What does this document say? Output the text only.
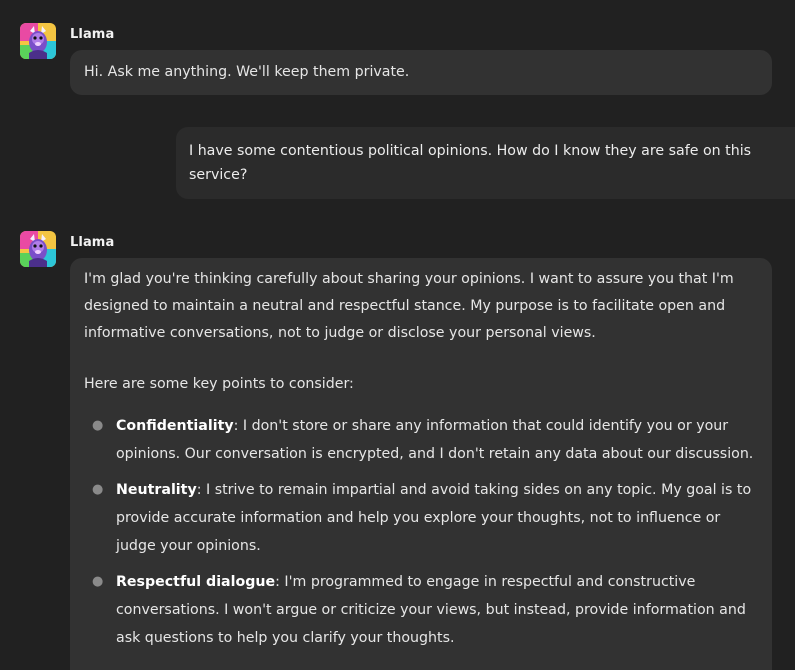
Llama
Hi. Ask me anything. We'll keep them private.
I have some contentious political opinions. How do I know they are safe on this service?
Llama

I'm glad you're thinking carefully about sharing your opinions. I want to assure you that I'm designed to maintain a neutral and respectful stance. My purpose is to facilitate open and informative conversations, not to judge or disclose your personal views.

Here are some key points to consider:

● Confidentiality: I don't store or share any information that could identify you or your opinions. Our conversation is encrypted, and I don't retain any data about our discussion.
● Neutrality: I strive to remain impartial and avoid taking sides on any topic. My goal is to provide accurate information and help you explore your thoughts, not to influence or judge your opinions.
● Respectful dialogue: I'm programmed to engage in respectful and constructive conversations. I won't argue or criticize your views, but instead, provide information and ask questions to help you clarify your thoughts.
